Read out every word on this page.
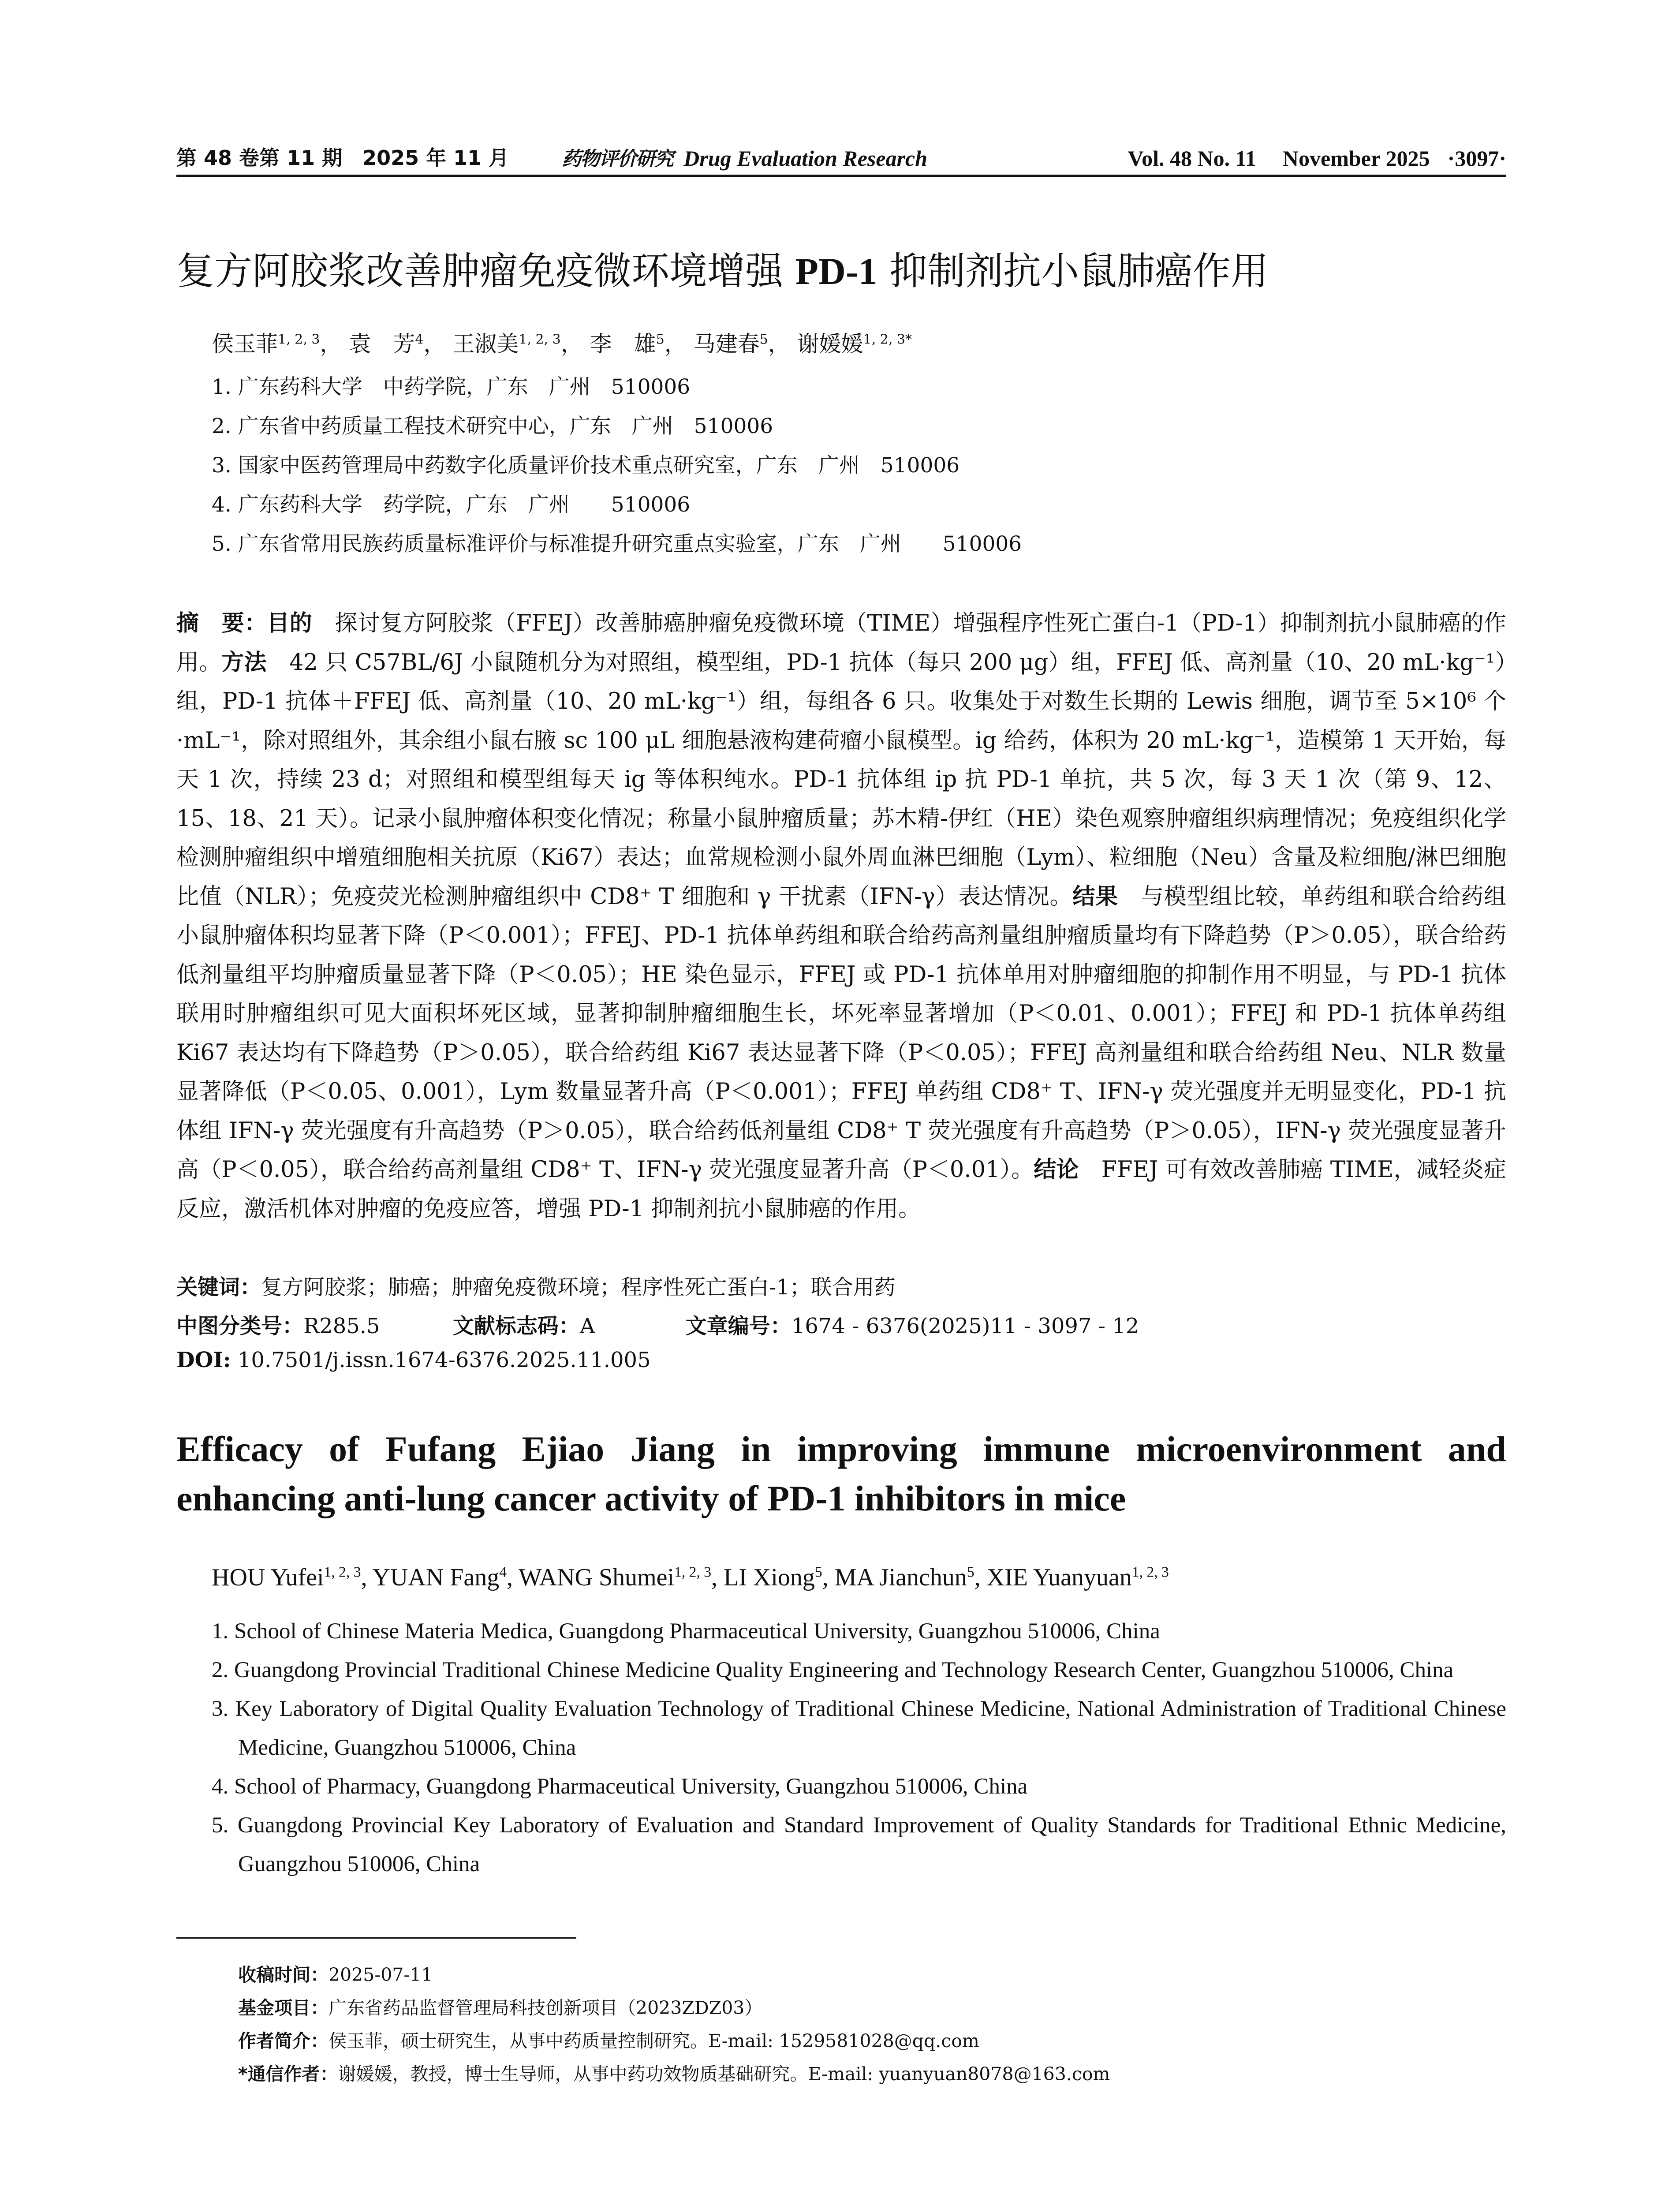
第 48 卷第 11 期　2025 年 11 月	药物评价研究 Drug Evaluation Research	Vol. 48 No. 11 November 2025 ·3097·
复方阿胶浆改善肿瘤免疫微环境增强 PD-1 抑制剂抗小鼠肺癌作用
侯玉菲$^{1, 2, 3}$， 袁　芳$^4$， 王淑美$^{1, 2, 3}$， 李　雄$^5$， 马建春$^5$， 谢媛媛$^{1, 2, 3*}$
1. 广东药科大学　中药学院，广东　广州　510006
2. 广东省中药质量工程技术研究中心，广东　广州　510006
3. 国家中医药管理局中药数字化质量评价技术重点研究室，广东　广州　510006
4. 广东药科大学　药学院，广东　广州　　510006
5. 广东省常用民族药质量标准评价与标准提升研究重点实验室，广东　广州　　510006
摘　要：目的　探讨复方阿胶浆（FFEJ）改善肺癌肿瘤免疫微环境（TIME）增强程序性死亡蛋白-1（PD-1）抑制剂抗小鼠肺癌的作用。方法　42 只 C57BL/6J 小鼠随机分为对照组，模型组，PD-1 抗体（每只 200 μg）组，FFEJ 低、高剂量（10、20 mL·kg⁻¹）组，PD-1 抗体＋FFEJ 低、高剂量（10、20 mL·kg⁻¹）组，每组各 6 只。收集处于对数生长期的 Lewis 细胞，调节至 5×10⁶ 个·mL⁻¹，除对照组外，其余组小鼠右腋 sc 100 μL 细胞悬液构建荷瘤小鼠模型。ig 给药，体积为 20 mL·kg⁻¹，造模第 1 天开始，每天 1 次，持续 23 d；对照组和模型组每天 ig 等体积纯水。PD-1 抗体组 ip 抗 PD-1 单抗，共 5 次，每 3 天 1 次（第 9、12、15、18、21 天）。记录小鼠肿瘤体积变化情况；称量小鼠肿瘤质量；苏木精-伊红（HE）染色观察肿瘤组织病理情况；免疫组织化学检测肿瘤组织中增殖细胞相关抗原（Ki67）表达；血常规检测小鼠外周血淋巴细胞（Lym）、粒细胞（Neu）含量及粒细胞/淋巴细胞比值（NLR）；免疫荧光检测肿瘤组织中 CD8⁺ T 细胞和 γ 干扰素（IFN-γ）表达情况。结果　与模型组比较，单药组和联合给药组小鼠肿瘤体积均显著下降（P＜0.001）；FFEJ、PD-1 抗体单药组和联合给药高剂量组肿瘤质量均有下降趋势（P＞0.05），联合给药低剂量组平均肿瘤质量显著下降（P＜0.05）；HE 染色显示，FFEJ 或 PD-1 抗体单用对肿瘤细胞的抑制作用不明显，与 PD-1 抗体联用时肿瘤组织可见大面积坏死区域，显著抑制肿瘤细胞生长，坏死率显著增加（P＜0.01、0.001）；FFEJ 和 PD-1 抗体单药组 Ki67 表达均有下降趋势（P＞0.05），联合给药组 Ki67 表达显著下降（P＜0.05）；FFEJ 高剂量组和联合给药组 Neu、NLR 数量显著降低（P＜0.05、0.001），Lym 数量显著升高（P＜0.001）；FFEJ 单药组 CD8⁺ T、IFN-γ 荧光强度并无明显变化，PD-1 抗体组 IFN-γ 荧光强度有升高趋势（P＞0.05），联合给药低剂量组 CD8⁺ T 荧光强度有升高趋势（P＞0.05），IFN-γ 荧光强度显著升高（P＜0.05），联合给药高剂量组 CD8⁺ T、IFN-γ 荧光强度显著升高（P＜0.01）。结论　FFEJ 可有效改善肺癌 TIME，减轻炎症反应，激活机体对肿瘤的免疫应答，增强 PD-1 抑制剂抗小鼠肺癌的作用。
关键词：复方阿胶浆；肺癌；肿瘤免疫微环境；程序性死亡蛋白-1；联合用药
中图分类号：R285.5	文献标志码：A	文章编号：1674 - 6376(2025)11 - 3097 - 12
DOI: 10.7501/j.issn.1674-6376.2025.11.005
Efficacy of Fufang Ejiao Jiang in improving immune microenvironment and enhancing anti-lung cancer activity of PD-1 inhibitors in mice
HOU Yufei$^{1, 2, 3}$, YUAN Fang$^4$, WANG Shumei$^{1, 2, 3}$, LI Xiong$^5$, MA Jianchun$^5$, XIE Yuanyuan$^{1, 2, 3}$
1. School of Chinese Materia Medica, Guangdong Pharmaceutical University, Guangzhou 510006, China
2. Guangdong Provincial Traditional Chinese Medicine Quality Engineering and Technology Research Center, Guangzhou 510006, China
3. Key Laboratory of Digital Quality Evaluation Technology of Traditional Chinese Medicine, National Administration of Traditional Chinese Medicine, Guangzhou 510006, China
4. School of Pharmacy, Guangdong Pharmaceutical University, Guangzhou 510006, China
5. Guangdong Provincial Key Laboratory of Evaluation and Standard Improvement of Quality Standards for Traditional Ethnic Medicine, Guangzhou 510006, China
收稿时间：2025-07-11
基金项目：广东省药品监督管理局科技创新项目（2023ZDZ03）
作者简介：侯玉菲，硕士研究生，从事中药质量控制研究。E-mail: 1529581028@qq.com
*通信作者：谢媛媛，教授，博士生导师，从事中药功效物质基础研究。E-mail: yuanyuan8078@163.com
